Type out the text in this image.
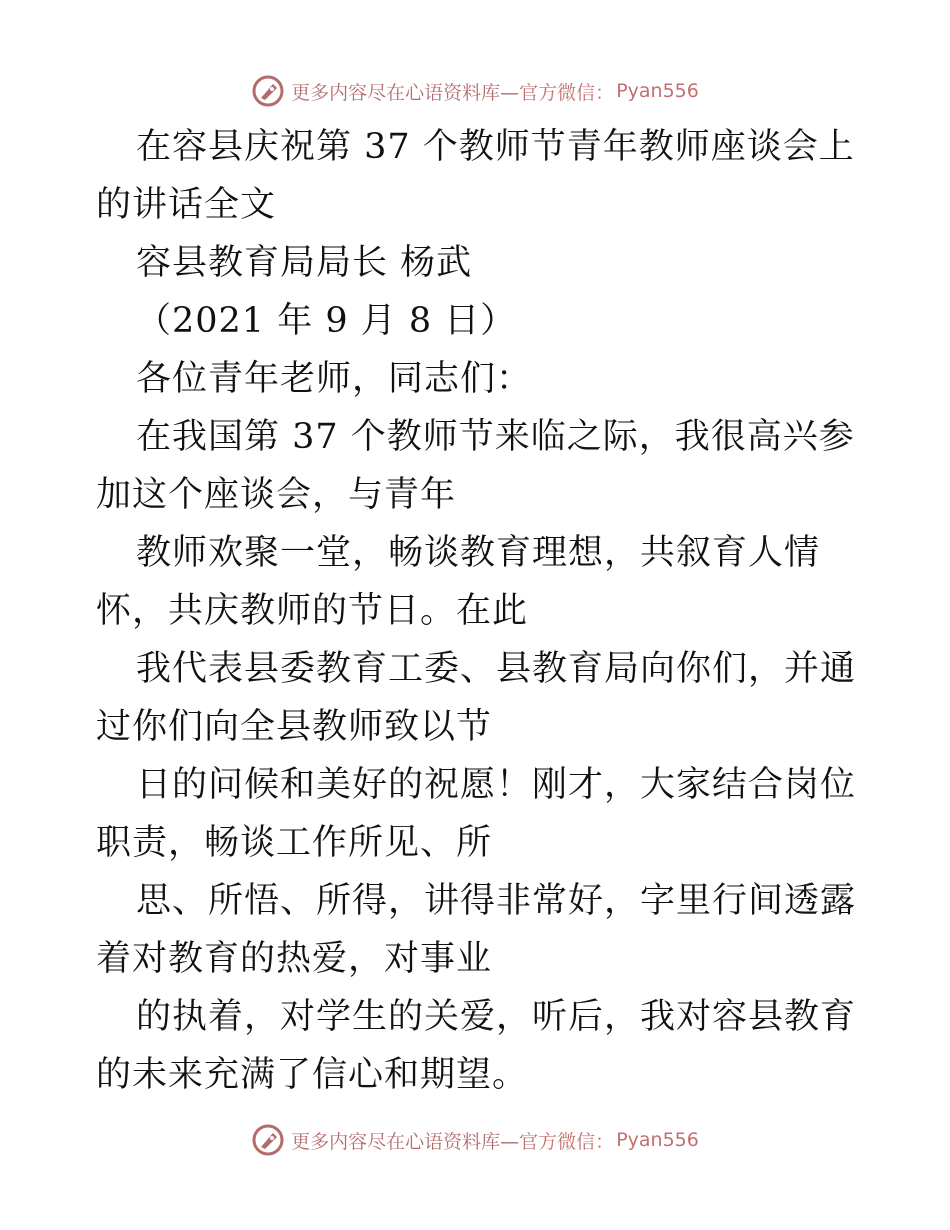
更多内容尽在心语资料库— 官方微信： Pyan556

在容县庆祝第 37 个教师节青年教师座谈会上的讲话全文

容县教育局局长 杨武

（2021 年 9 月 8 日）

各位青年老师，同志们：

在我国第 37 个教师节来临之际，我很高兴参加这个座谈会，与青年

教师欢聚一堂，畅谈教育理想，共叙育人情怀，共庆教师的节日。在此

我代表县委教育工委、县教育局向你们，并通过你们向全县教师致以节

日的问候和美好的祝愿！刚才，大家结合岗位职责，畅谈工作所见、所

思、所悟、所得，讲得非常好，字里行间透露着对教育的热爱，对事业

的执着，对学生的关爱，听后，我对容县教育的未来充满了信心和期望。

更多内容尽在心语资料库— 官方微信： Pyan556
